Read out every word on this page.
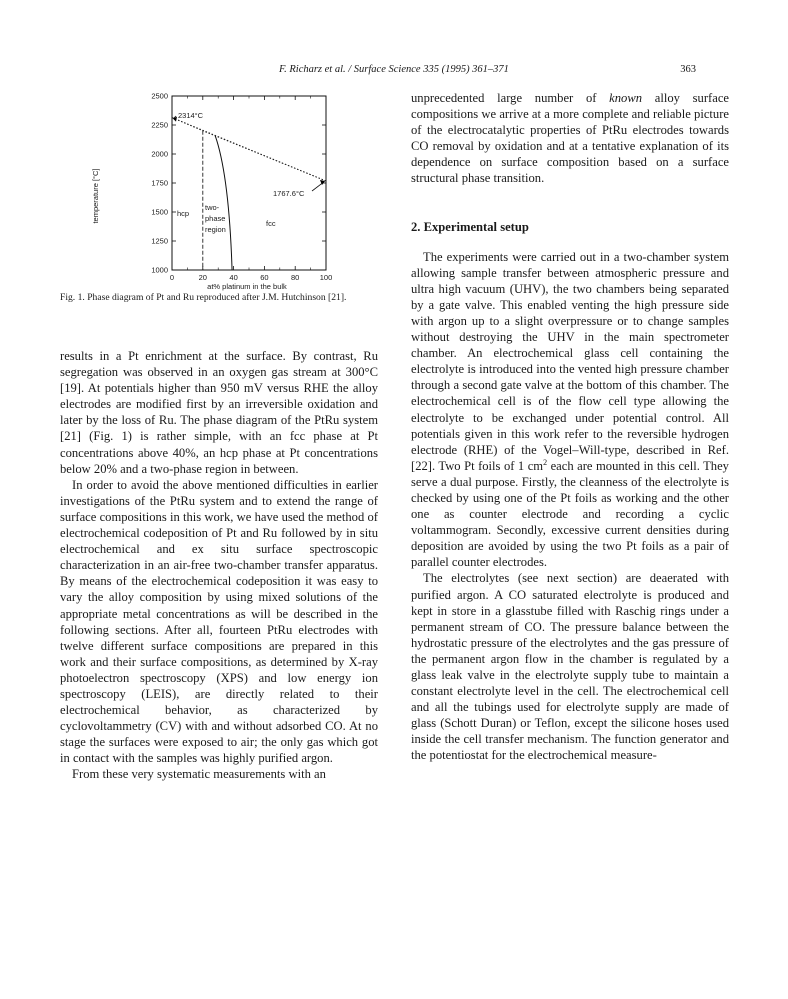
F. Richarz et al. / Surface Science 335 (1995) 361–371	363
2500
2250
2000
1750
1500
1250
1000
0	20	40	60	80	100
temperature [°C]
at% platinum in the bulk
2314°C
1767.6°C
hcp
two-
phase
region
fcc
Fig. 1. Phase diagram of Pt and Ru reproduced after J.M. Hutchinson [21].

results in a Pt enrichment at the surface. By contrast, Ru segregation was observed in an oxygen gas stream at 300°C [19]. At potentials higher than 950 mV versus RHE the alloy electrodes are modified first by an irreversible oxidation and later by the loss of Ru. The phase diagram of the PtRu system [21] (Fig. 1) is rather simple, with an fcc phase at Pt concentrations above 40%, an hcp phase at Pt concentrations below 20% and a two-phase region in between.

In order to avoid the above mentioned difficulties in earlier investigations of the PtRu system and to extend the range of surface compositions in this work, we have used the method of electrochemical codeposition of Pt and Ru followed by in situ electrochemical and ex situ surface spectroscopic characterization in an air-free two-chamber transfer apparatus. By means of the electrochemical codeposition it was easy to vary the alloy composition by using mixed solutions of the appropriate metal concentrations as will be described in the following sections. After all, fourteen PtRu electrodes with twelve different surface compositions are prepared in this work and their surface compositions, as determined by X-ray photoelectron spectroscopy (XPS) and low energy ion spectroscopy (LEIS), are directly related to their electrochemical behavior, as characterized by cyclovoltammetry (CV) with and without adsorbed CO. At no stage the surfaces were exposed to air; the only gas which got in contact with the samples was highly purified argon.

From these very systematic measurements with an

unprecedented large number of known alloy surface compositions we arrive at a more complete and reliable picture of the electrocatalytic properties of PtRu electrodes towards CO removal by oxidation and at a tentative explanation of its dependence on surface composition based on a surface structural phase transition.

2. Experimental setup

The experiments were carried out in a two-chamber system allowing sample transfer between atmospheric pressure and ultra high vacuum (UHV), the two chambers being separated by a gate valve. This enabled venting the high pressure side with argon up to a slight overpressure or to change samples without destroying the UHV in the main spectrometer chamber. An electrochemical glass cell containing the electrolyte is introduced into the vented high pressure chamber through a second gate valve at the bottom of this chamber. The electrochemical cell is of the flow cell type allowing the electrolyte to be exchanged under potential control. All potentials given in this work refer to the reversible hydrogen electrode (RHE) of the Vogel–Will-type, described in Ref. [22]. Two Pt foils of 1 $cm^2$ each are mounted in this cell. They serve a dual purpose. Firstly, the cleanness of the electrolyte is checked by using one of the Pt foils as working and the other one as counter electrode and recording a cyclic voltammogram. Secondly, excessive current densities during deposition are avoided by using the two Pt foils as a pair of parallel counter electrodes.

The electrolytes (see next section) are deaerated with purified argon. A CO saturated electrolyte is produced and kept in store in a glasstube filled with Raschig rings under a permanent stream of CO. The pressure balance between the hydrostatic pressure of the electrolytes and the gas pressure of the permanent argon flow in the chamber is regulated by a glass leak valve in the electrolyte supply tube to maintain a constant electrolyte level in the cell. The electrochemical cell and all the tubings used for electrolyte supply are made of glass (Schott Duran) or Teflon, except the silicone hoses used inside the cell transfer mechanism. The function generator and the potentiostat for the electrochemical measure-
